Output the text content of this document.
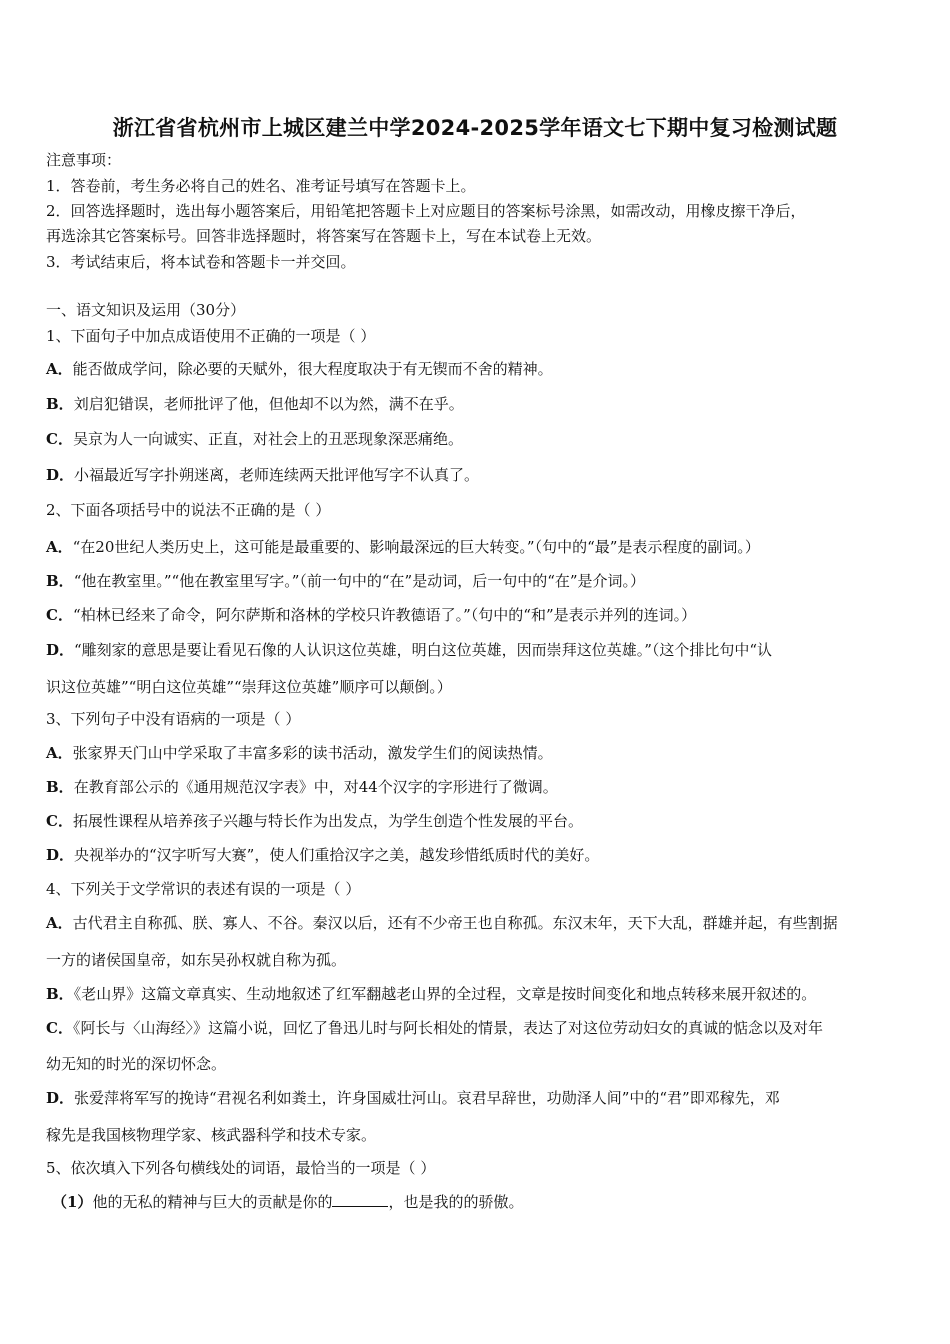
浙江省省杭州市上城区建兰中学2024-2025学年语文七下期中复习检测试题
注意事项：
1．答卷前，考生务必将自己的姓名、准考证号填写在答题卡上。
2．回答选择题时，选出每小题答案后，用铅笔把答题卡上对应题目的答案标号涂黑，如需改动，用橡皮擦干净后，
再选涂其它答案标号。回答非选择题时，将答案写在答题卡上，写在本试卷上无效。
3．考试结束后，将本试卷和答题卡一并交回。
一、语文知识及运用（30分）
1、下面句子中加点成语使用不正确的一项是（ ）
A．能否做成学问，除必要的天赋外，很大程度取决于有无锲而不舍的精神。
B．刘启犯错误，老师批评了他，但他却不以为然，满不在乎。
C．吴京为人一向诚实、正直，对社会上的丑恶现象深恶痛绝。
D．小福最近写字扑朔迷离，老师连续两天批评他写字不认真了。
2、下面各项括号中的说法不正确的是（ ）
A．“在20世纪人类历史上，这可能是最重要的、影响最深远的巨大转变。”（句中的“最”是表示程度的副词。）
B．“他在教室里。”“他在教室里写字。”（前一句中的“在”是动词，后一句中的“在”是介词。）
C．“柏林已经来了命令，阿尔萨斯和洛林的学校只许教德语了。”（句中的“和”是表示并列的连词。）
D．“雕刻家的意思是要让看见石像的人认识这位英雄，明白这位英雄，因而崇拜这位英雄。”（这个排比句中“认
识这位英雄”“明白这位英雄”“崇拜这位英雄”顺序可以颠倒。）
3、下列句子中没有语病的一项是（ ）
A．张家界天门山中学采取了丰富多彩的读书活动，激发学生们的阅读热情。
B．在教育部公示的《通用规范汉字表》中，对44个汉字的字形进行了微调。
C．拓展性课程从培养孩子兴趣与特长作为出发点，为学生创造个性发展的平台。
D．央视举办的“汉字听写大赛”，使人们重拾汉字之美，越发珍惜纸质时代的美好。
4、下列关于文学常识的表述有误的一项是（ ）
A．古代君主自称孤、朕、寡人、不谷。秦汉以后，还有不少帝王也自称孤。东汉末年，天下大乱，群雄并起，有些割据
一方的诸侯国皇帝，如东吴孙权就自称为孤。
B．《老山界》这篇文章真实、生动地叙述了红军翻越老山界的全过程，文章是按时间变化和地点转移来展开叙述的。
C．《阿长与〈山海经〉》这篇小说，回忆了鲁迅儿时与阿长相处的情景，表达了对这位劳动妇女的真诚的惦念以及对年
幼无知的时光的深切怀念。
D．张爱萍将军写的挽诗“君视名利如粪土，许身国威壮河山。哀君早辞世，功勋泽人间”中的“君”即邓稼先，邓
稼先是我国核物理学家、核武器科学和技术专家。
5、依次填入下列各句横线处的词语，最恰当的一项是（ ）
（1）他的无私的精神与巨大的贡献是你的	，也是我的的骄傲。
